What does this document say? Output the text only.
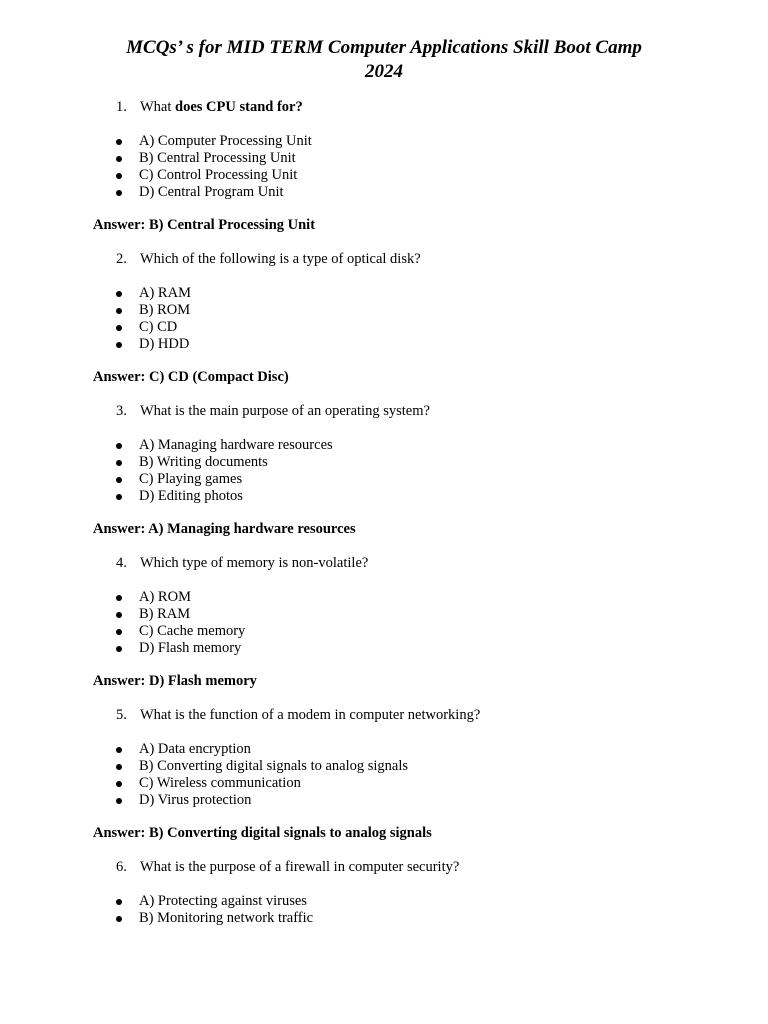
MCQs’ s for MID TERM Computer Applications Skill Boot Camp
2024
1. What does CPU stand for?
A) Computer Processing Unit
B) Central Processing Unit
C) Control Processing Unit
D) Central Program Unit
Answer: B) Central Processing Unit
2. Which of the following is a type of optical disk?
A) RAM
B) ROM
C) CD
D) HDD
Answer: C) CD (Compact Disc)
3. What is the main purpose of an operating system?
A) Managing hardware resources
B) Writing documents
C) Playing games
D) Editing photos
Answer: A) Managing hardware resources
4. Which type of memory is non-volatile?
A) ROM
B) RAM
C) Cache memory
D) Flash memory
Answer: D) Flash memory
5. What is the function of a modem in computer networking?
A) Data encryption
B) Converting digital signals to analog signals
C) Wireless communication
D) Virus protection
Answer: B) Converting digital signals to analog signals
6. What is the purpose of a firewall in computer security?
A) Protecting against viruses
B) Monitoring network traffic
